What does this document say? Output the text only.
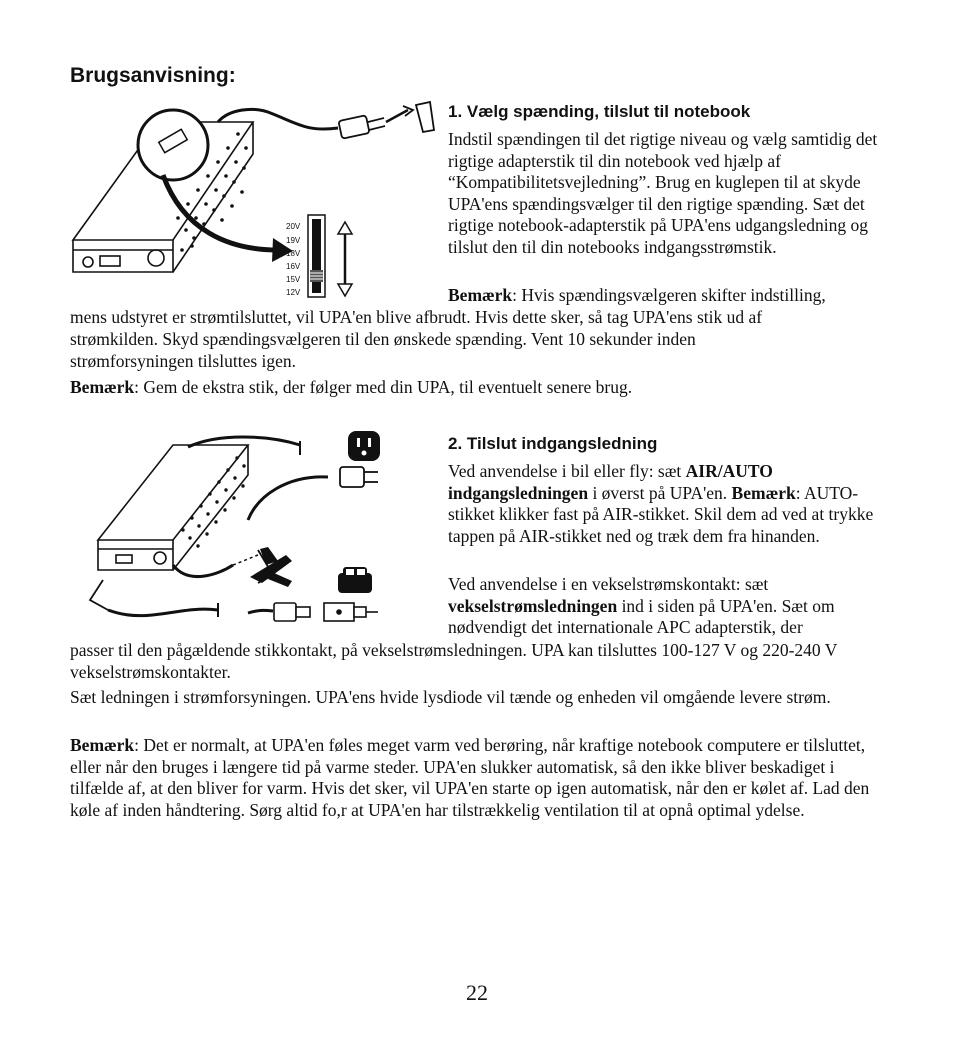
Brugsanvisning:
20V
19V
18V
16V
15V
12V
1. Vælg spænding, tilslut til notebook

Indstil spændingen til det rigtige niveau og vælg samtidig det rigtige adapterstik til din notebook ved hjælp af “Kompatibilitetsvejledning”. Brug en kuglepen til at skyde UPA'ens spændingsvælger til den rigtige spænding. Sæt det rigtige notebook-adapterstik på UPA'ens udgangsledning og tilslut den til din notebooks indgangsstrømstik.

Bemærk: Hvis spændingsvælgeren skifter indstilling,
mens udstyret er strømtilsluttet, vil UPA'en blive afbrudt. Hvis dette sker, så tag UPA'ens stik ud af
strømkilden. Skyd spændingsvælgeren til den ønskede spænding. Vent 10 sekunder inden
strømforsyningen tilsluttes igen.
Bemærk: Gem de ekstra stik, der følger med din UPA, til eventuelt senere brug.
2. Tilslut indgangsledning

Ved anvendelse i bil eller fly: sæt AIR/AUTO indgangsledningen i øverst på UPA'en. Bemærk: AUTO-stikket klikker fast på AIR-stikket. Skil dem ad ved at trykke tappen på AIR-stikket ned og træk dem fra hinanden.

Ved anvendelse i en vekselstrømskontakt: sæt vekselstrømsledningen ind i siden på UPA'en. Sæt om nødvendigt det internationale APC adapterstik, der

passer til den pågældende stikkontakt, på vekselstrømsledningen. UPA kan tilsluttes 100-127 V og 220-240 V vekselstrømskontakter.

Sæt ledningen i strømforsyningen. UPA'ens hvide lysdiode vil tænde og enheden vil omgående levere strøm.

Bemærk: Det er normalt, at UPA'en føles meget varm ved berøring, når kraftige notebook computere er tilsluttet, eller når den bruges i længere tid på varme steder. UPA'en slukker automatisk, så den ikke bliver beskadiget i tilfælde af, at den bliver for varm. Hvis det sker, vil UPA'en starte op igen automatisk, når den er kølet af. Lad den køle af inden håndtering. Sørg altid fo,r at UPA'en har tilstrækkelig ventilation til at opnå optimal ydelse.

22
